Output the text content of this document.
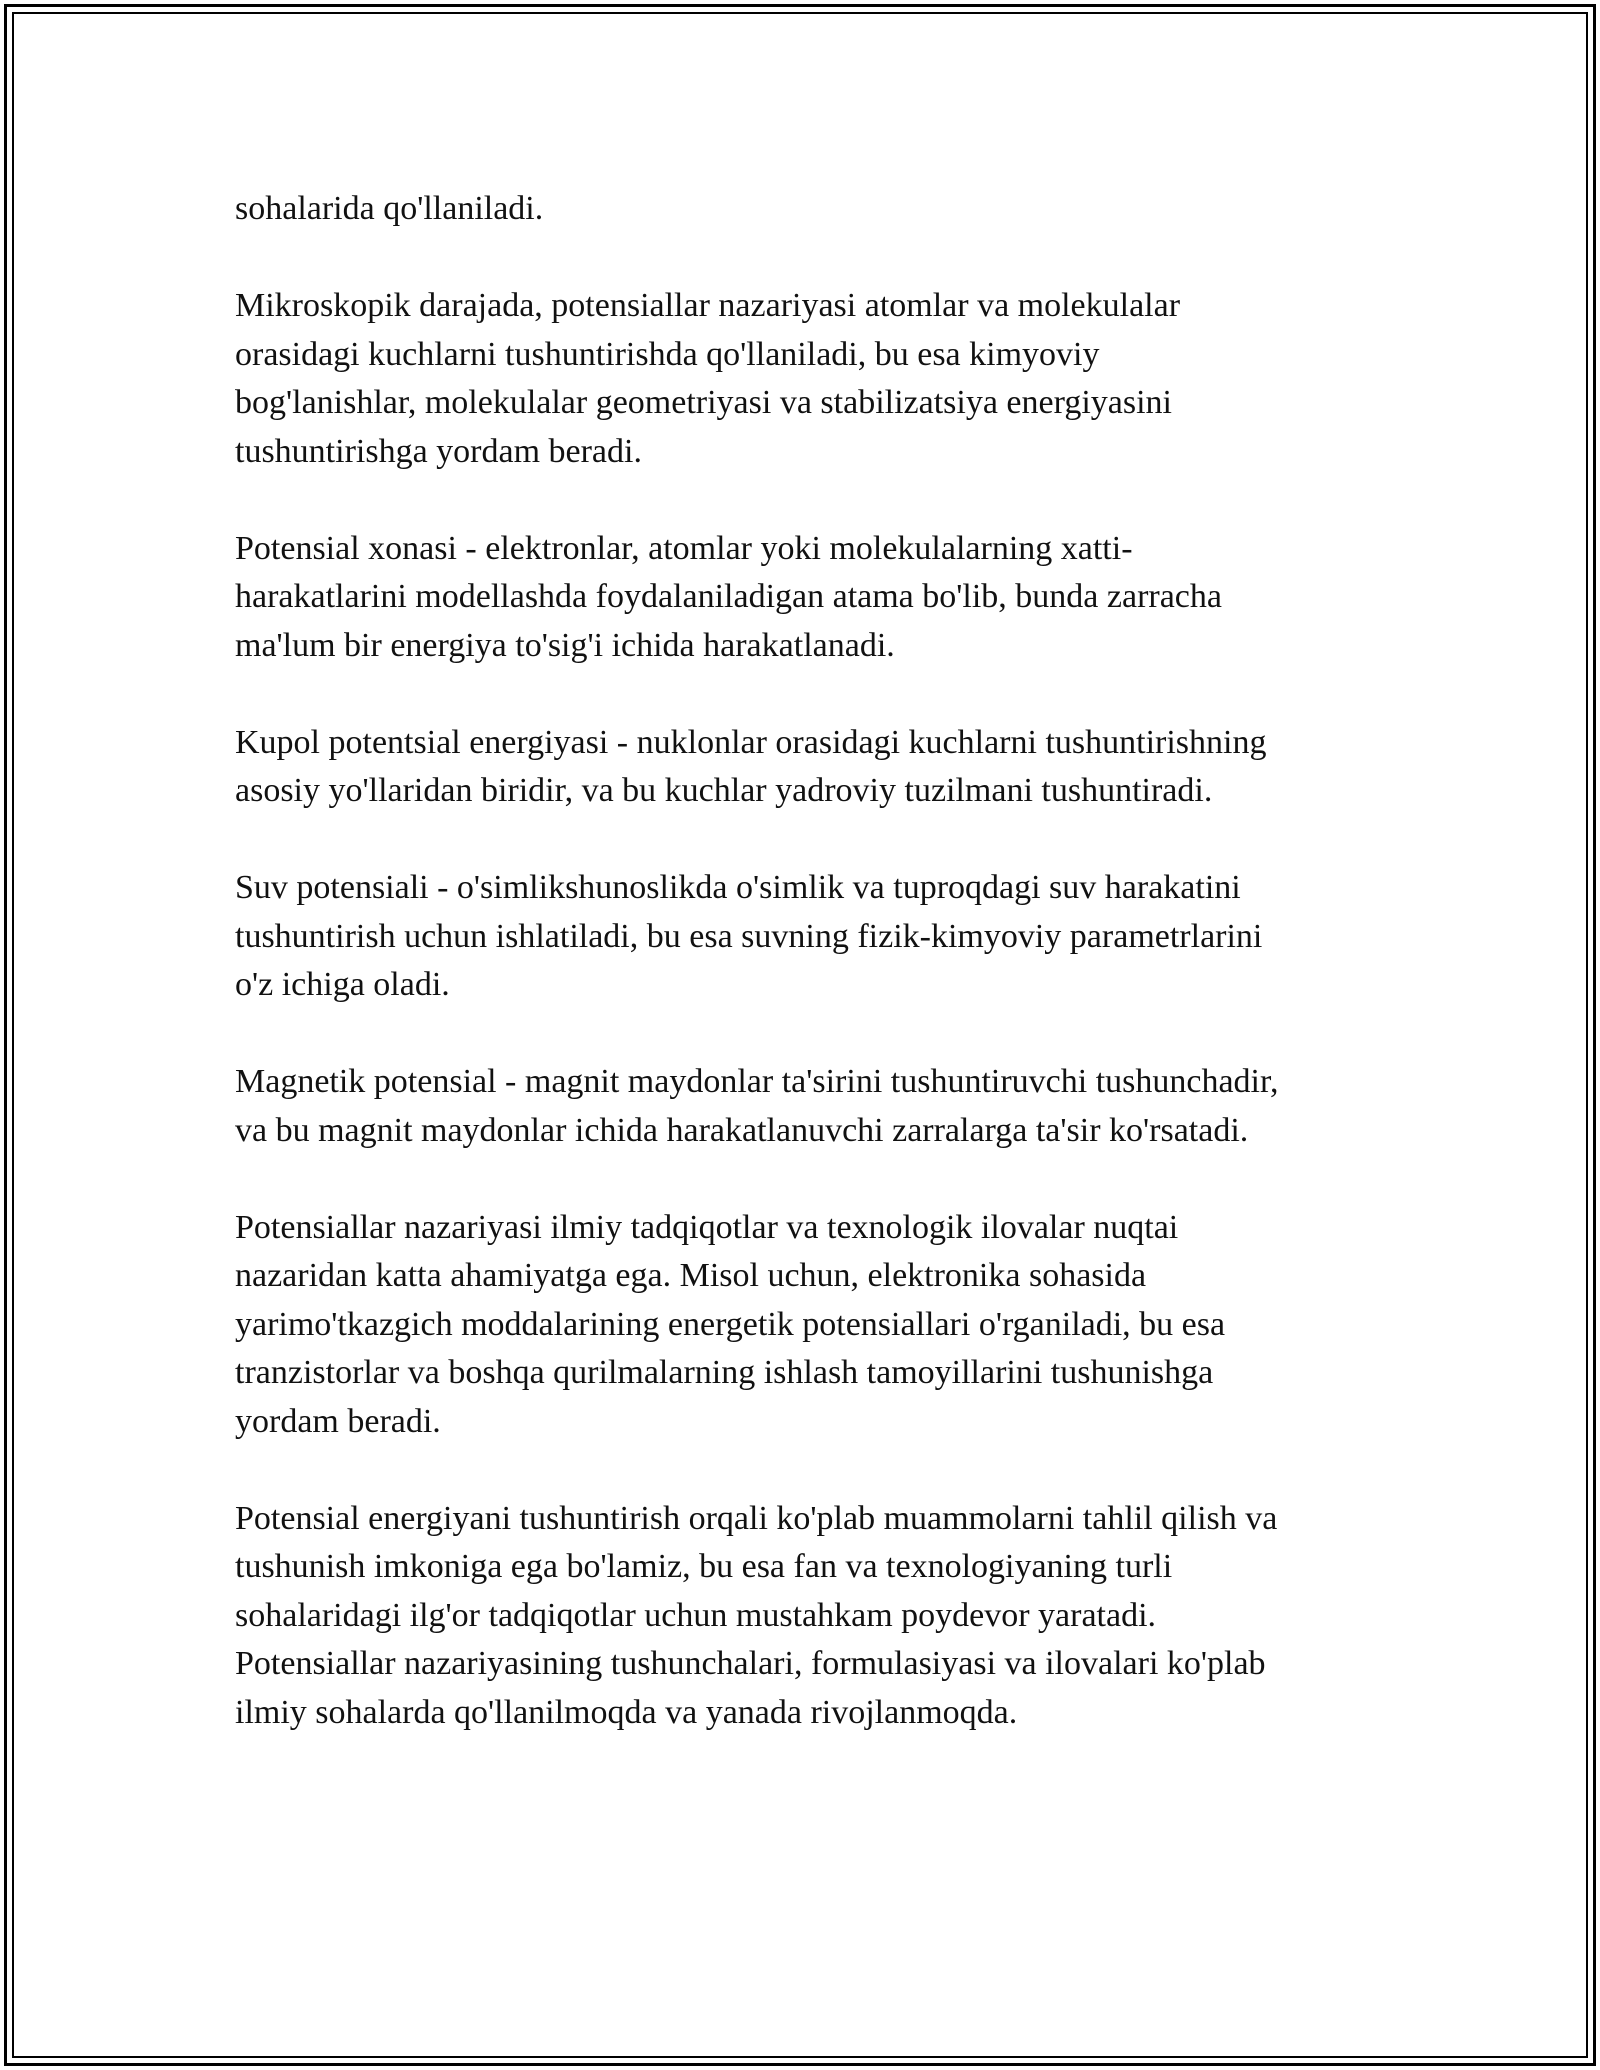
sohalarida qo'llaniladi.

Mikroskopik darajada, potensiallar nazariyasi atomlar va molekulalar
orasidagi kuchlarni tushuntirishda qo'llaniladi, bu esa kimyoviy
bog'lanishlar, molekulalar geometriyasi va stabilizatsiya energiyasini
tushuntirishga yordam beradi.

Potensial xonasi - elektronlar, atomlar yoki molekulalarning xatti-
harakatlarini modellashda foydalaniladigan atama bo'lib, bunda zarracha
ma'lum bir energiya to'sig'i ichida harakatlanadi.

Kupol potentsial energiyasi - nuklonlar orasidagi kuchlarni tushuntirishning
asosiy yo'llaridan biridir, va bu kuchlar yadroviy tuzilmani tushuntiradi.

Suv potensiali - o'simlikshunoslikda o'simlik va tuproqdagi suv harakatini
tushuntirish uchun ishlatiladi, bu esa suvning fizik-kimyoviy parametrlarini
o'z ichiga oladi.

Magnetik potensial - magnit maydonlar ta'sirini tushuntiruvchi tushunchadir,
va bu magnit maydonlar ichida harakatlanuvchi zarralarga ta'sir ko'rsatadi.

Potensiallar nazariyasi ilmiy tadqiqotlar va texnologik ilovalar nuqtai
nazaridan katta ahamiyatga ega. Misol uchun, elektronika sohasida
yarimo'tkazgich moddalarining energetik potensiallari o'rganiladi, bu esa
tranzistorlar va boshqa qurilmalarning ishlash tamoyillarini tushunishga
yordam beradi.

Potensial energiyani tushuntirish orqali ko'plab muammolarni tahlil qilish va
tushunish imkoniga ega bo'lamiz, bu esa fan va texnologiyaning turli
sohalaridagi ilg'or tadqiqotlar uchun mustahkam poydevor yaratadi.
Potensiallar nazariyasining tushunchalari, formulasiyasi va ilovalari ko'plab
ilmiy sohalarda qo'llanilmoqda va yanada rivojlanmoqda.
